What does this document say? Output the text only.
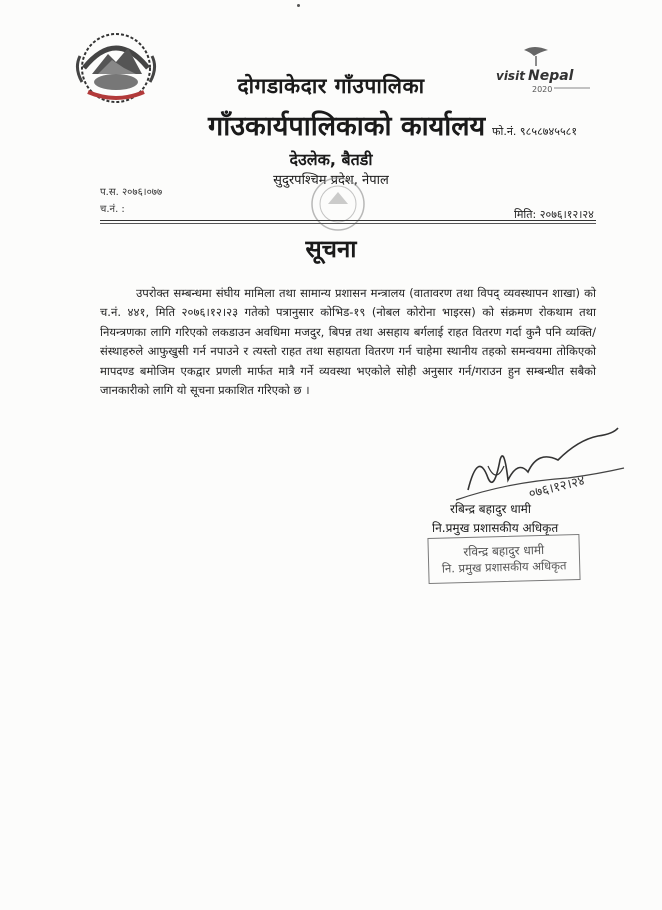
visit Nepal
2020
दोगडाकेदार गाँउपालिका
गाँउकार्यपालिकाको कार्यालय फो.नं. ९८५८७४५५८१
देउलेक, बैतडी
सुदुरपश्चिम प्रदेश, नेपाल
प.स. २०७६।०७७
च.नं. :	मिति: २०७६।१२।२४
सूचना
उपरोक्त सम्बन्धमा संघीय मामिला तथा सामान्य प्रशासन मन्त्रालय (वातावरण तथा विपद् व्यवस्थापन शाखा) को च.नं. ४४१, मिति २०७६।१२।२३ गतेको पत्रानुसार कोभिड-१९ (नोबल कोरोना भाइरस) को संक्रमण रोकथाम तथा नियन्त्रणका लागि गरिएको लकडाउन अवधिमा मजदुर, बिपन्न तथा असहाय बर्गलाई राहत वितरण गर्दा कुनै पनि व्यक्ति/संस्थाहरुले आफुखुसी गर्न नपाउने र त्यस्तो राहत तथा सहायता वितरण गर्न चाहेमा स्थानीय तहको समन्वयमा तोकिएको मापदण्ड बमोजिम एकद्वार प्रणली मार्फत मात्रै गर्ने व्यवस्था भएकोले सोही अनुसार गर्न/गराउन हुन सम्बन्धीत सबैको जानकारीको लागि यो सूचना प्रकाशित गरिएको छ ।
०७६।१२।२४
रबिन्द्र बहादुर धामी
नि.प्रमुख प्रशासकीय अधिकृत
रविन्द्र बहादुर धामी
नि. प्रमुख प्रशासकीय अधिकृत
